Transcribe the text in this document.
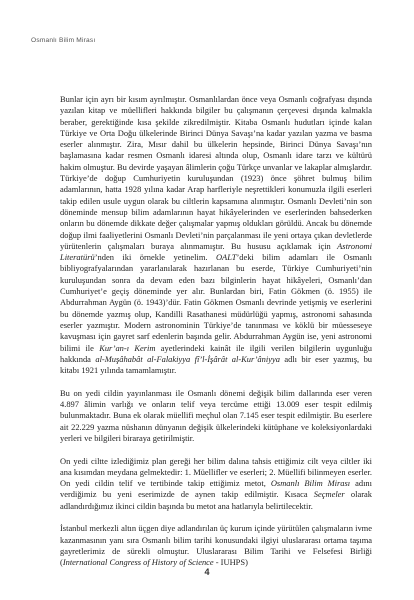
Osmanlı Bilim Mirası

Bunlar için ayrı bir kısım ayrılmıştır. Osmanlılardan önce veya Osmanlı coğrafyası dışında yazılan kitap ve müellifleri hakkında bilgiler bu çalışmanın çerçevesi dışında kalmakla beraber, gerektiğinde kısa şekilde zikredilmiştir. Kitaba Osmanlı hudutları içinde kalan Türkiye ve Orta Doğu ülkelerinde Birinci Dünya Savaşı’na kadar yazılan yazma ve basma eserler alınmıştır. Zira, Mısır dahil bu ülkelerin hepsinde, Birinci Dünya Savaşı’nın başlamasına kadar resmen Osmanlı idaresi altında olup, Osmanlı idare tarzı ve kültürü hakim olmuştur. Bu devirde yaşayan âlimlerin çoğu Türkçe unvanlar ve lakaplar almışlardır. Türkiye’de doğup Cumhuriyetin kuruluşundan (1923) önce şöhret bulmuş bilim adamlarının, hatta 1928 yılına kadar Arap harfleriyle neşrettikleri konumuzla ilgili eserleri takip edilen usule uygun olarak bu ciltlerin kapsamına alınmıştır. Osmanlı Devleti’nin son döneminde mensup bilim adamlarının hayat hikâyelerinden ve eserlerinden bahsederken onların bu dönemde dikkate değer çalışmalar yapmış oldukları görüldü. Ancak bu dönemde doğup ilmi faaliyetlerini Osmanlı Devleti’nin parçalanması ile yeni ortaya çıkan devletlerde yürütenlerin çalışmaları buraya alınmamıştır. Bu hususu açıklamak için Astronomi Literatürü’nden iki örnekle yetinelim. OALT’deki bilim adamları ile Osmanlı bibliyografyalarından yararlanılarak hazırlanan bu eserde, Türkiye Cumhuriyeti’nin kuruluşundan sonra da devam eden bazı bilginlerin hayat hikâyeleri, Osmanlı’dan Cumhuriyet’e geçiş döneminde yer alır. Bunlardan biri, Fatin Gökmen (ö. 1955) ile Abdurrahman Aygün (ö. 1943)’dür. Fatin Gökmen Osmanlı devrinde yetişmiş ve eserlerini bu dönemde yazmış olup, Kandilli Rasathanesi müdürlüğü yapmış, astronomi sahasında eserler yazmıştır. Modern astronominin Türkiye’de tanınması ve köklü bir müesseseye kavuşması için gayret sarf edenlerin başında gelir. Abdurrahman Aygün ise, yeni astronomi bilimi ile Kur’an-ı Kerim ayetlerindeki kainât ile ilgili verilen bilgilerin uygunluğu hakkında al-Muşâhabât al-Falakiyya fî’l-İşârât al-Kur’âniyya adlı bir eser yazmış, bu kitabı 1921 yılında tamamlamıştır.

Bu on yedi cildin yayınlanması ile Osmanlı dönemi değişik bilim dallarında eser veren 4.897 âlimin varlığı ve onların telif veya tercüme ettiği 13.009 eser tespit edilmiş bulunmaktadır. Buna ek olarak müellifi meçhul olan 7.145 eser tespit edilmiştir. Bu eserlere ait 22.229 yazma nüshanın dünyanın değişik ülkelerindeki kütüphane ve koleksiyonlardaki yerleri ve bilgileri biraraya getirilmiştir.

On yedi ciltte izlediğimiz plan gereği her bilim dalına tahsis ettiğimiz cilt veya ciltler iki ana kısımdan meydana gelmektedir: 1. Müellifler ve eserleri; 2. Müellifi bilinmeyen eserler. On yedi cildin telif ve tertibinde takip ettiğimiz metot, Osmanlı Bilim Mirası adını verdiğimiz bu yeni eserimizde de aynen takip edilmiştir. Kısaca Seçmeler olarak adlandırdığımız ikinci cildin başında bu metot ana hatlarıyla belirtilecektir.

İstanbul merkezli altın üçgen diye adlandırılan üç kurum içinde yürütülen çalışmaların ivme kazanmasının yanı sıra Osmanlı bilim tarihi konusundaki ilgiyi uluslararası ortama taşıma gayretlerimiz de sürekli olmuştur. Uluslararası Bilim Tarihi ve Felsefesi Birliği (International Congress of History of Science - IUHPS)

4
